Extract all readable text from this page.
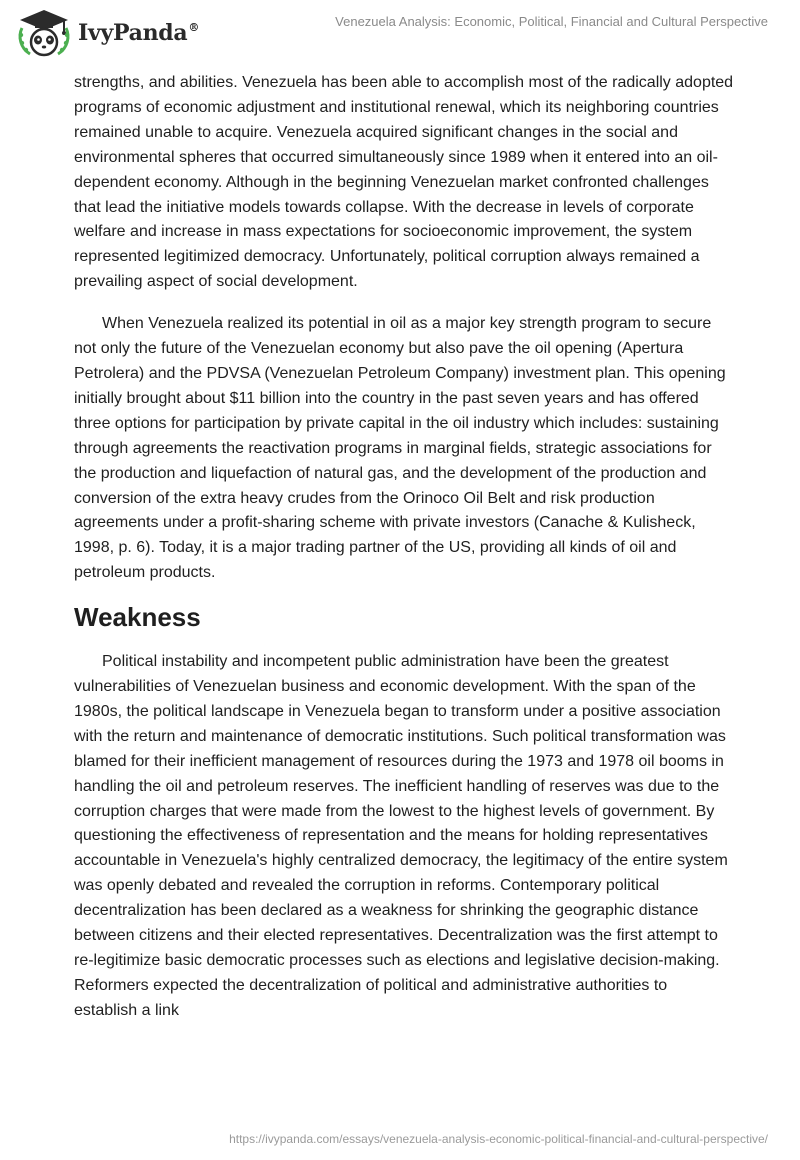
IvyPanda®	Venezuela Analysis: Economic, Political, Financial and Cultural Perspective

strengths, and abilities. Venezuela has been able to accomplish most of the radically adopted programs of economic adjustment and institutional renewal, which its neighboring countries remained unable to acquire. Venezuela acquired significant changes in the social and environmental spheres that occurred simultaneously since 1989 when it entered into an oil-dependent economy. Although in the beginning Venezuelan market confronted challenges that lead the initiative models towards collapse. With the decrease in levels of corporate welfare and increase in mass expectations for socioeconomic improvement, the system represented legitimized democracy. Unfortunately, political corruption always remained a prevailing aspect of social development.

When Venezuela realized its potential in oil as a major key strength program to secure not only the future of the Venezuelan economy but also pave the oil opening (Apertura Petrolera) and the PDVSA (Venezuelan Petroleum Company) investment plan. This opening initially brought about $11 billion into the country in the past seven years and has offered three options for participation by private capital in the oil industry which includes: sustaining through agreements the reactivation programs in marginal fields, strategic associations for the production and liquefaction of natural gas, and the development of the production and conversion of the extra heavy crudes from the Orinoco Oil Belt and risk production agreements under a profit-sharing scheme with private investors (Canache & Kulisheck, 1998, p. 6). Today, it is a major trading partner of the US, providing all kinds of oil and petroleum products.

Weakness

Political instability and incompetent public administration have been the greatest vulnerabilities of Venezuelan business and economic development. With the span of the 1980s, the political landscape in Venezuela began to transform under a positive association with the return and maintenance of democratic institutions. Such political transformation was blamed for their inefficient management of resources during the 1973 and 1978 oil booms in handling the oil and petroleum reserves. The inefficient handling of reserves was due to the corruption charges that were made from the lowest to the highest levels of government. By questioning the effectiveness of representation and the means for holding representatives accountable in Venezuela's highly centralized democracy, the legitimacy of the entire system was openly debated and revealed the corruption in reforms. Contemporary political decentralization has been declared as a weakness for shrinking the geographic distance between citizens and their elected representatives. Decentralization was the first attempt to re-legitimize basic democratic processes such as elections and legislative decision-making. Reformers expected the decentralization of political and administrative authorities to establish a link

https://ivypanda.com/essays/venezuela-analysis-economic-political-financial-and-cultural-perspective/
